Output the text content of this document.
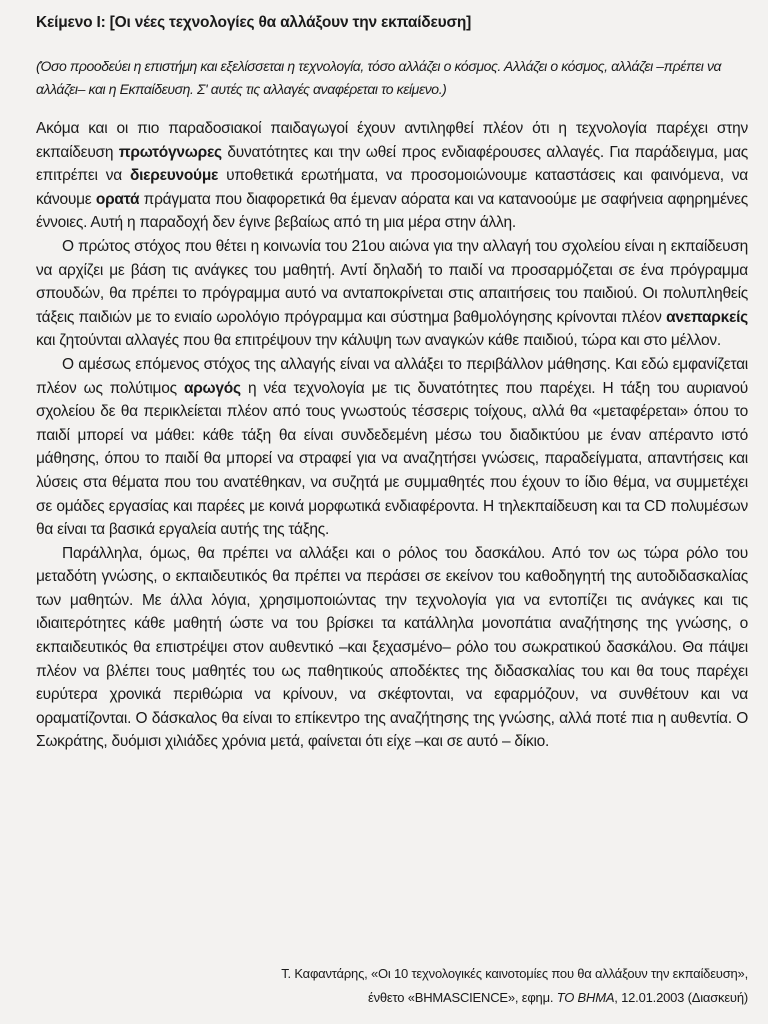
Κείμενο I: [Οι νέες τεχνολογίες θα αλλάξουν την εκπαίδευση]
(Όσο προοδεύει η επιστήμη και εξελίσσεται η τεχνολογία, τόσο αλλάζει ο κόσμος. Αλλάζει ο κόσμος, αλλάζει –πρέπει να αλλάζει– και η Εκπαίδευση. Σ' αυτές τις αλλαγές αναφέρεται το κείμενο.)

Ακόμα και οι πιο παραδοσιακοί παιδαγωγοί έχουν αντιληφθεί πλέον ότι η τεχνολογία παρέχει στην εκπαίδευση πρωτόγνωρες δυνατότητες και την ωθεί προς ενδιαφέρουσες αλλαγές. Για παράδειγμα, μας επιτρέπει να διερευνούμε υποθετικά ερωτήματα, να προσομοιώνουμε καταστάσεις και φαινόμενα, να κάνουμε ορατά πράγματα που διαφορετικά θα έμεναν αόρατα και να κατανοούμε με σαφήνεια αφηρημένες έννοιες. Αυτή η παραδοχή δεν έγινε βεβαίως από τη μια μέρα στην άλλη.

Ο πρώτος στόχος που θέτει η κοινωνία του 21ου αιώνα για την αλλαγή του σχολείου είναι η εκπαίδευση να αρχίζει με βάση τις ανάγκες του μαθητή. Αντί δηλαδή το παιδί να προσαρμόζεται σε ένα πρόγραμμα σπουδών, θα πρέπει το πρόγραμμα αυτό να ανταποκρίνεται στις απαιτήσεις του παιδιού. Οι πολυπληθείς τάξεις παιδιών με το ενιαίο ωρολόγιο πρόγραμμα και σύστημα βαθμολόγησης κρίνονται πλέον ανεπαρκείς και ζητούνται αλλαγές που θα επιτρέψουν την κάλυψη των αναγκών κάθε παιδιού, τώρα και στο μέλλον.

Ο αμέσως επόμενος στόχος της αλλαγής είναι να αλλάξει το περιβάλλον μάθησης. Και εδώ εμφανίζεται πλέον ως πολύτιμος αρωγός η νέα τεχνολογία με τις δυνατότητες που παρέχει. Η τάξη του αυριανού σχολείου δε θα περικλείεται πλέον από τους γνωστούς τέσσερις τοίχους, αλλά θα «μεταφέρεται» όπου το παιδί μπορεί να μάθει: κάθε τάξη θα είναι συνδεδεμένη μέσω του διαδικτύου με έναν απέραντο ιστό μάθησης, όπου το παιδί θα μπορεί να στραφεί για να αναζητήσει γνώσεις, παραδείγματα, απαντήσεις και λύσεις στα θέματα που του ανατέθηκαν, να συζητά με συμμαθητές που έχουν το ίδιο θέμα, να συμμετέχει σε ομάδες εργασίας και παρέες με κοινά μορφωτικά ενδιαφέροντα. Η τηλεκπαίδευση και τα CD πολυμέσων θα είναι τα βασικά εργαλεία αυτής της τάξης.

Παράλληλα, όμως, θα πρέπει να αλλάξει και ο ρόλος του δασκάλου. Από τον ως τώρα ρόλο του μεταδότη γνώσης, ο εκπαιδευτικός θα πρέπει να περάσει σε εκείνον του καθοδηγητή της αυτοδιδασκαλίας των μαθητών. Με άλλα λόγια, χρησιμοποιώντας την τεχνολογία για να εντοπίζει τις ανάγκες και τις ιδιαιτερότητες κάθε μαθητή ώστε να του βρίσκει τα κατάλληλα μονοπάτια αναζήτησης της γνώσης, ο εκπαιδευτικός θα επιστρέψει στον αυθεντικό –και ξεχασμένο– ρόλο του σωκρατικού δασκάλου. Θα πάψει πλέον να βλέπει τους μαθητές του ως παθητικούς αποδέκτες της διδασκαλίας του και θα τους παρέχει ευρύτερα χρονικά περιθώρια να κρίνουν, να σκέφτονται, να εφαρμόζουν, να συνθέτουν και να οραματίζονται. Ο δάσκαλος θα είναι το επίκεντρο της αναζήτησης της γνώσης, αλλά ποτέ πια η αυθεντία. Ο Σωκράτης, δυόμισι χιλιάδες χρόνια μετά, φαίνεται ότι είχε –και σε αυτό – δίκιο.

Τ. Καφαντάρης, «Οι 10 τεχνολογικές καινοτομίες που θα αλλάξουν την εκπαίδευση»,
ένθετο «ΒΗΜΑSCIENCE», εφημ. ΤΟ ΒΗΜΑ, 12.01.2003 (Διασκευή)
